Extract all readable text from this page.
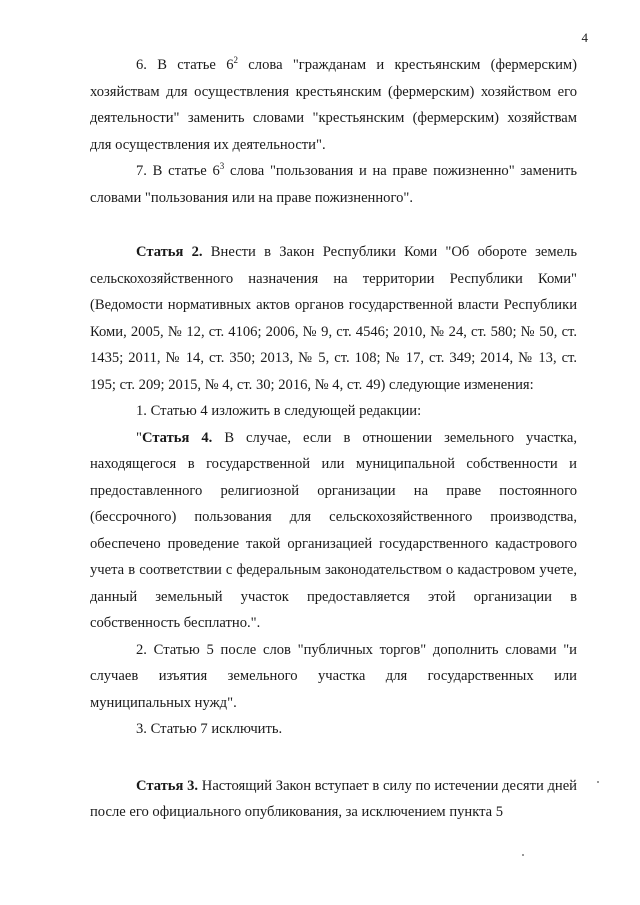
4

6. В статье $6^2$ слова "гражданам и крестьянским (фермерским) хозяйствам для осуществления крестьянским (фермерским) хозяйством его деятельности" заменить словами "крестьянским (фермерским) хозяйствам для осуществления их деятельности".

7. В статье $6^3$ слова "пользования и на праве пожизненно" заменить словами "пользования или на праве пожизненного".

Статья 2. Внести в Закон Республики Коми "Об обороте земель сельскохозяйственного назначения на территории Республики Коми" (Ведомости нормативных актов органов государственной власти Республики Коми, 2005, № 12, ст. 4106; 2006, № 9, ст. 4546; 2010, № 24, ст. 580; № 50, ст. 1435; 2011, № 14, ст. 350; 2013, № 5, ст. 108; № 17, ст. 349; 2014, № 13, ст. 195; ст. 209; 2015, № 4, ст. 30; 2016, № 4, ст. 49) следующие изменения:

1. Статью 4 изложить в следующей редакции:

"Статья 4. В случае, если в отношении земельного участка, находящегося в государственной или муниципальной собственности и предоставленного религиозной организации на праве постоянного (бессрочного) пользования для сельскохозяйственного производства, обеспечено проведение такой организацией государственного кадастрового учета в соответствии с федеральным законодательством о кадастровом учете, данный земельный участок предоставляется этой организации в собственность бесплатно.".

2. Статью 5 после слов "публичных торгов" дополнить словами "и случаев изъятия земельного участка для государственных или муниципальных нужд".

3. Статью 7 исключить.

Статья 3. Настоящий Закон вступает в силу по истечении десяти дней после его официального опубликования, за исключением пункта 5
